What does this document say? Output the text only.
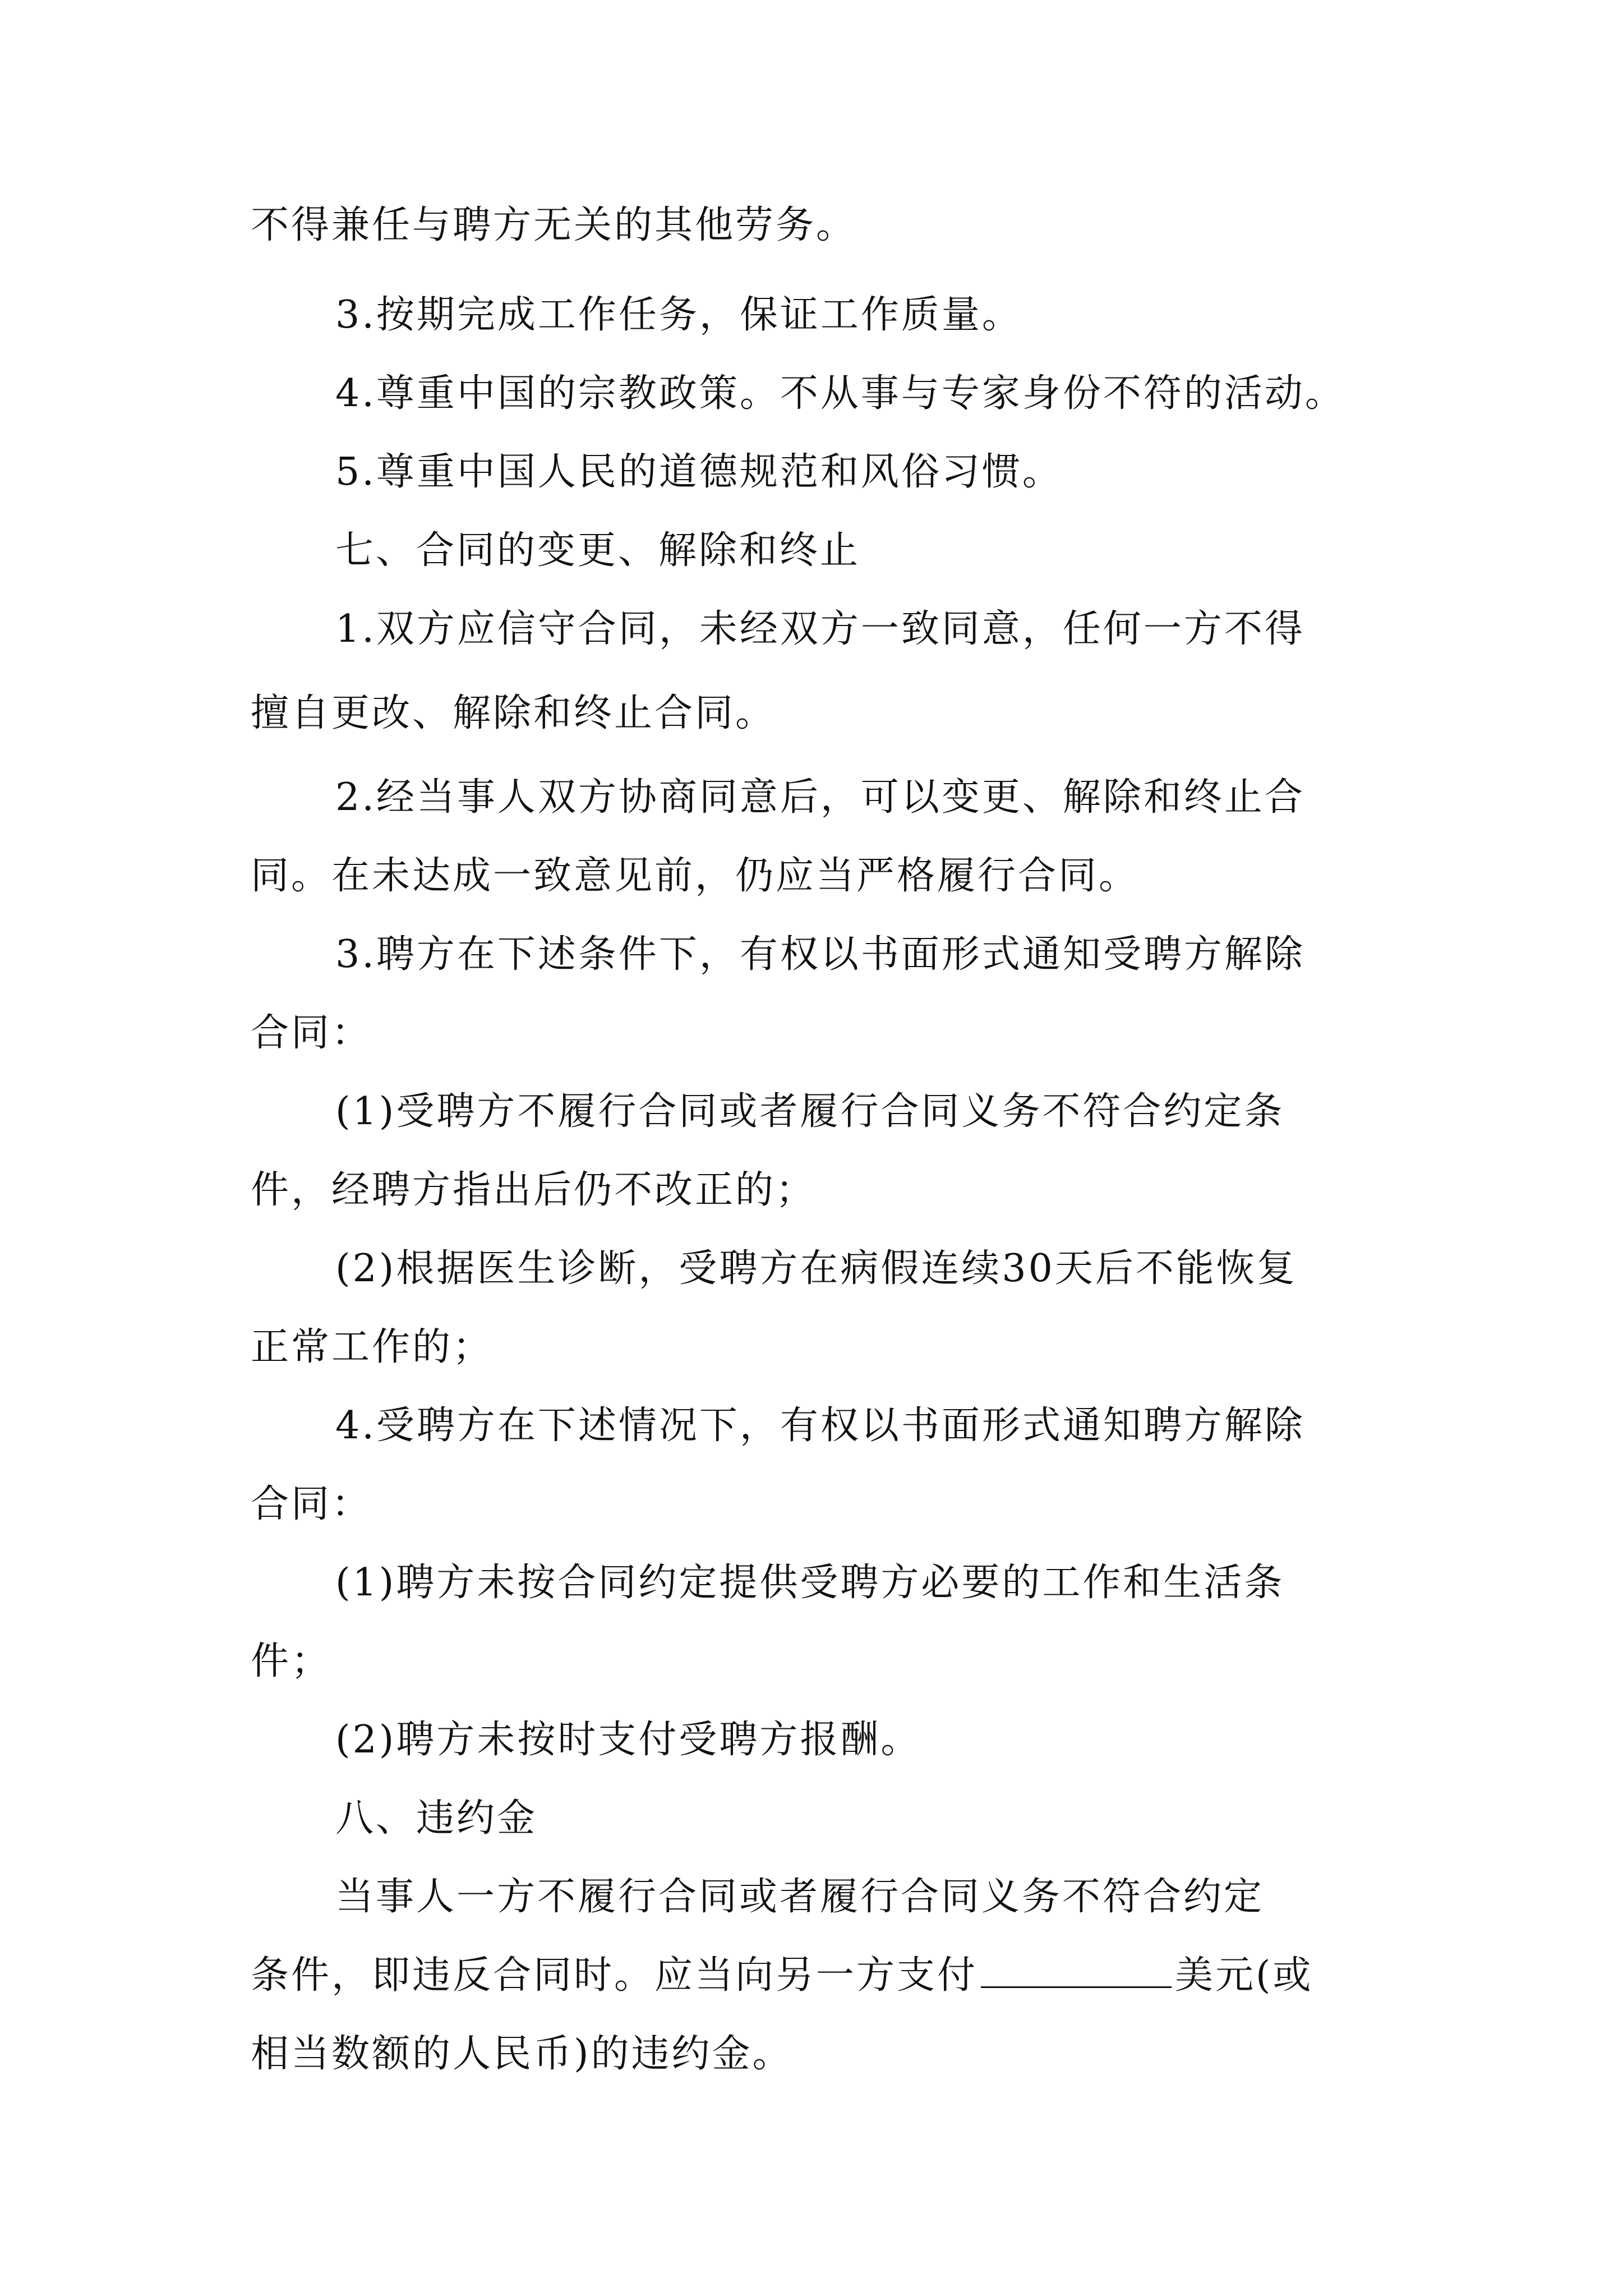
不得兼任与聘方无关的其他劳务。
3.按期完成工作任务，保证工作质量。
4.尊重中国的宗教政策。不从事与专家身份不符的活动。
5.尊重中国人民的道德规范和风俗习惯。
七、合同的变更、解除和终止
1.双方应信守合同，未经双方一致同意，任何一方不得
擅自更改、解除和终止合同。
2.经当事人双方协商同意后，可以变更、解除和终止合
同。在未达成一致意见前，仍应当严格履行合同。
3.聘方在下述条件下，有权以书面形式通知受聘方解除
合同：
(1)受聘方不履行合同或者履行合同义务不符合约定条
件，经聘方指出后仍不改正的；
(2)根据医生诊断，受聘方在病假连续30天后不能恢复
正常工作的；
4.受聘方在下述情况下，有权以书面形式通知聘方解除
合同：
(1)聘方未按合同约定提供受聘方必要的工作和生活条
件；
(2)聘方未按时支付受聘方报酬。
八、违约金
当事人一方不履行合同或者履行合同义务不符合约定
条件，即违反合同时。应当向另一方支付	美元(或
相当数额的人民币)的违约金。
